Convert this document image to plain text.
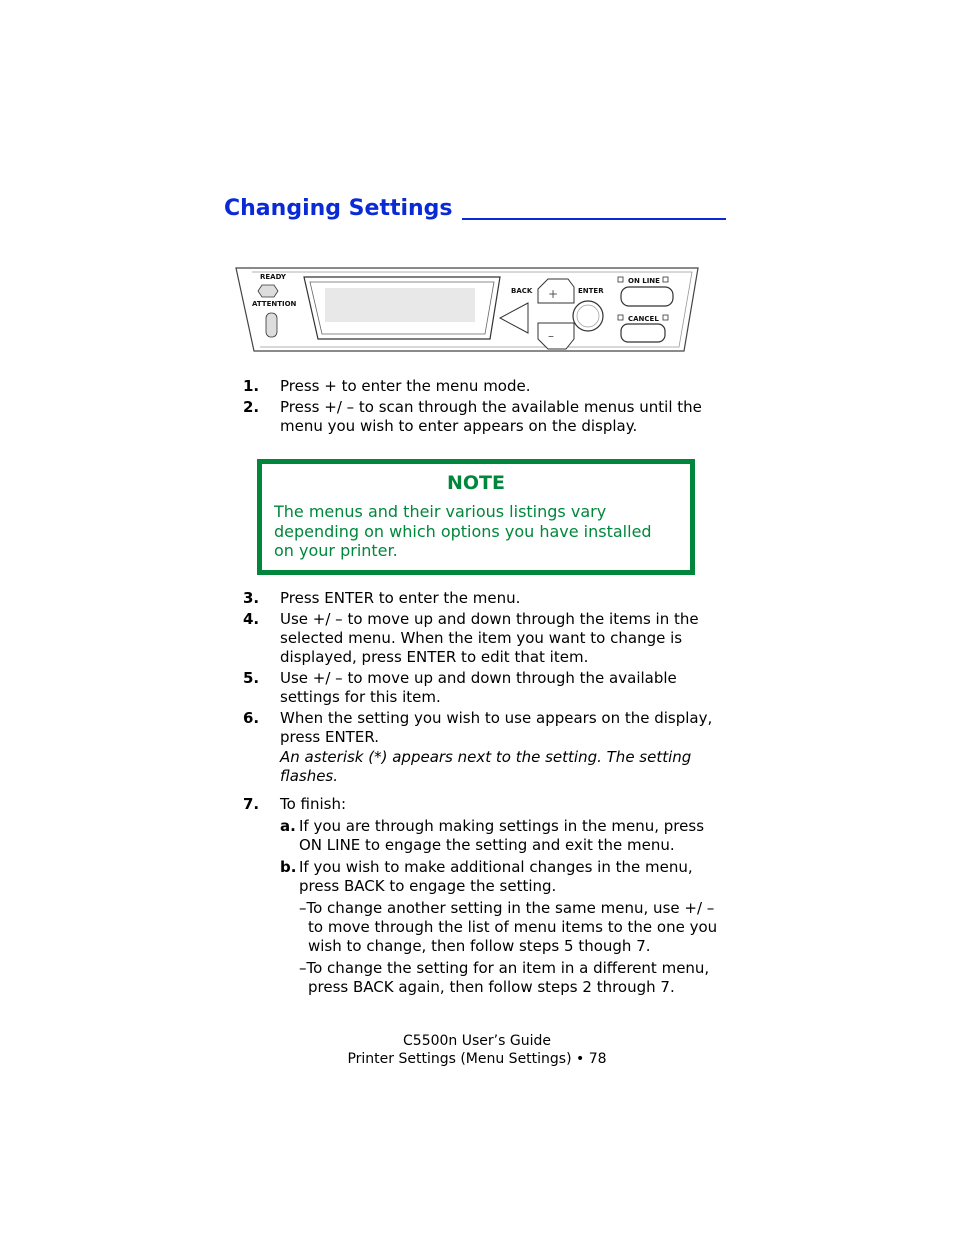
Changing Settings
READY
ATTENTION
BACK	ENTER
+
–
ON LINE
CANCEL
1. Press + to enter the menu mode.
2. Press +/ – to scan through the available menus until the menu you wish to enter appears on the display.
NOTE
The menus and their various listings vary depending on which options you have installed on your printer.
3. Press ENTER to enter the menu.
4. Use +/ – to move up and down through the items in the selected menu. When the item you want to change is displayed, press ENTER to edit that item.
5. Use +/ – to move up and down through the available settings for this item.
6. When the setting you wish to use appears on the display, press ENTER.
An asterisk (*) appears next to the setting. The setting flashes.
7. To finish:
a. If you are through making settings in the menu, press ON LINE to engage the setting and exit the menu.
b. If you wish to make additional changes in the menu, press BACK to engage the setting.
–To change another setting in the same menu, use +/ – to move through the list of menu items to the one you wish to change, then follow steps 5 though 7.
–To change the setting for an item in a different menu, press BACK again, then follow steps 2 through 7.
C5500n User’s Guide
Printer Settings (Menu Settings) • 78
